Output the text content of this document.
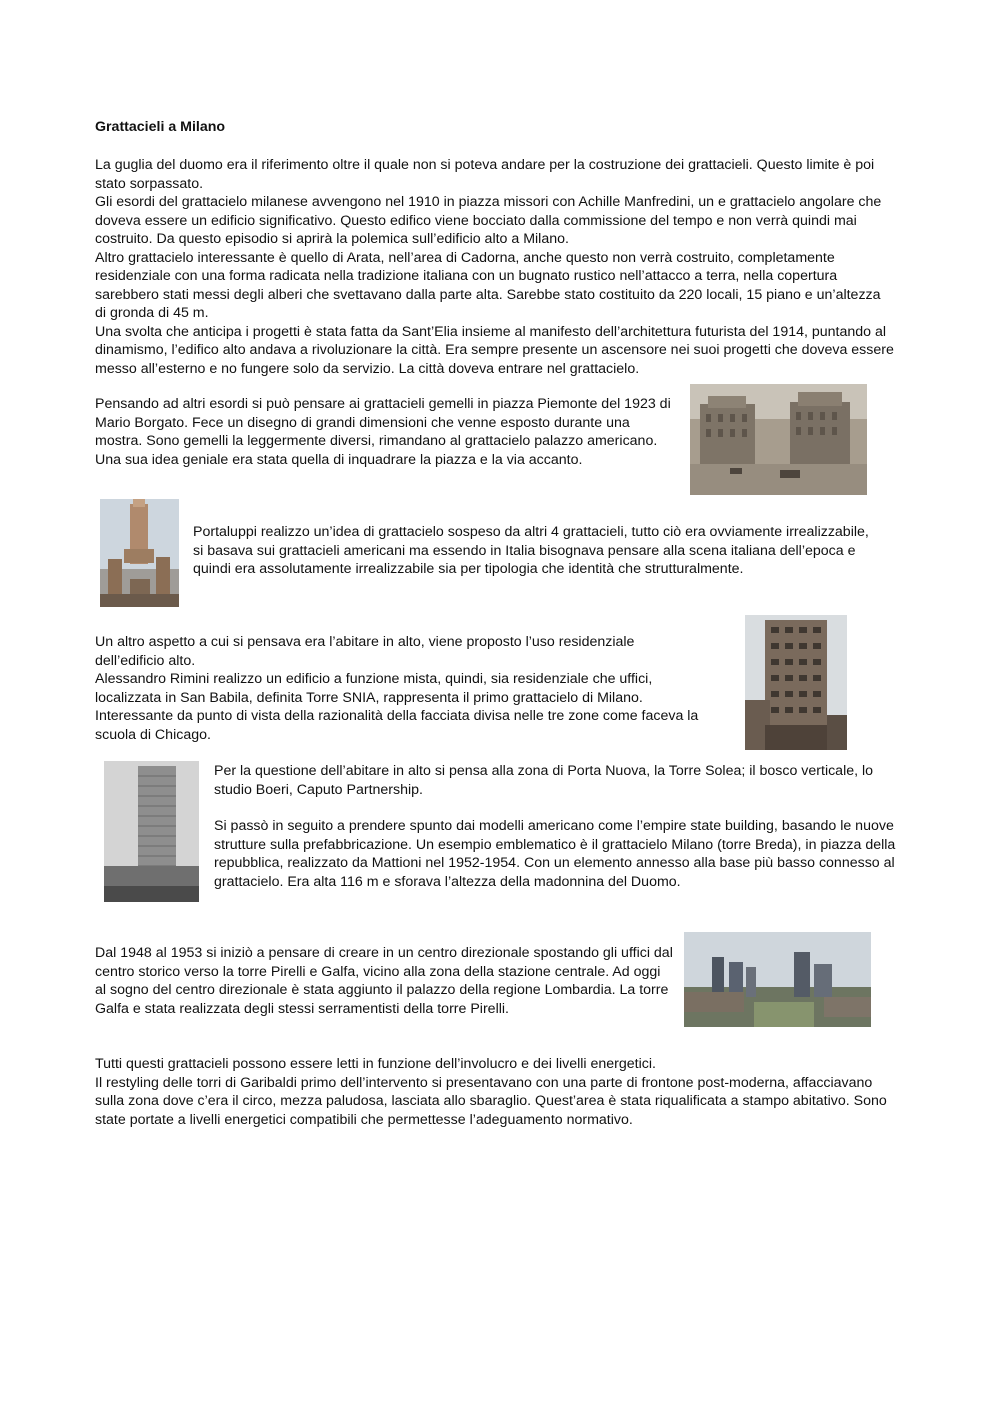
Grattacieli a Milano

La guglia del duomo era il riferimento oltre il quale non si poteva andare per la costruzione dei grattacieli. Questo limite è poi stato sorpassato.

Gli esordi del grattacielo milanese avvengono nel 1910 in piazza missori con Achille Manfredini, un e grattacielo angolare che doveva essere un edificio significativo. Questo edifico viene bocciato dalla commissione del tempo e non verrà quindi mai costruito. Da questo episodio si aprirà la polemica sull’edificio alto a Milano.

Altro grattacielo interessante è quello di Arata, nell’area di Cadorna, anche questo non verrà costruito, completamente residenziale con una forma radicata nella tradizione italiana con un bugnato rustico nell’attacco a terra, nella copertura sarebbero stati messi degli alberi che svettavano dalla parte alta. Sarebbe stato costituito da 220 locali, 15 piano e un’altezza di gronda di 45 m.

Una svolta che anticipa i progetti è stata fatta da Sant’Elia insieme al manifesto dell’architettura futurista del 1914, puntando al dinamismo, l’edifico alto andava a rivoluzionare la città. Era sempre presente un ascensore nei suoi progetti che doveva essere messo all’esterno e no fungere solo da servizio. La città doveva entrare nel grattacielo.

Pensando ad altri esordi si può pensare ai grattacieli gemelli in piazza Piemonte del 1923 di Mario Borgato. Fece un disegno di grandi dimensioni che venne esposto durante una mostra. Sono gemelli la leggermente diversi, rimandano al grattacielo palazzo americano. Una sua idea geniale era stata quella di inquadrare la piazza e la via accanto.
Portaluppi realizzo un’idea di grattacielo sospeso da altri 4 grattacieli, tutto ciò era ovviamente irrealizzabile, si basava sui grattacieli americani ma essendo in Italia bisognava pensare alla scena italiana dell’epoca e quindi era assolutamente irrealizzabile sia per tipologia che identità che strutturalmente.

Un altro aspetto a cui si pensava era l’abitare in alto, viene proposto l’uso residenziale dell’edificio alto.

Alessandro Rimini realizzo un edificio a funzione mista, quindi, sia residenziale che uffici, localizzata in San Babila, definita Torre SNIA, rappresenta il primo grattacielo di Milano. Interessante da punto di vista della razionalità della facciata divisa nelle tre zone come faceva la scuola di Chicago.

Per la questione dell’abitare in alto si pensa alla zona di Porta Nuova, la Torre Solea; il bosco verticale, lo studio Boeri, Caputo Partnership.
Si passò in seguito a prendere spunto dai modelli americano come l’empire state building, basando le nuove strutture sulla prefabbricazione. Un esempio emblematico è il grattacielo Milano (torre Breda), in piazza della repubblica, realizzato da Mattioni nel 1952-1954. Con un elemento annesso alla base più basso connesso al grattacielo. Era alta 116 m e sforava l’altezza della madonnina del Duomo.
Dal 1948 al 1953 si iniziò a pensare di creare in un centro direzionale spostando gli uffici dal centro storico verso la torre Pirelli e Galfa, vicino alla zona della stazione centrale. Ad oggi al sogno del centro direzionale è stata aggiunto il palazzo della regione Lombardia. La torre Galfa e stata realizzata degli stessi serramentisti della torre Pirelli.

Tutti questi grattacieli possono essere letti in funzione dell’involucro e dei livelli energetici.

Il restyling delle torri di Garibaldi primo dell’intervento si presentavano con una parte di frontone post-moderna, affacciavano sulla zona dove c’era il circo, mezza paludosa, lasciata allo sbaraglio. Quest’area è stata riqualificata a stampo abitativo. Sono state portate a livelli energetici compatibili che permettesse l’adeguamento normativo.
